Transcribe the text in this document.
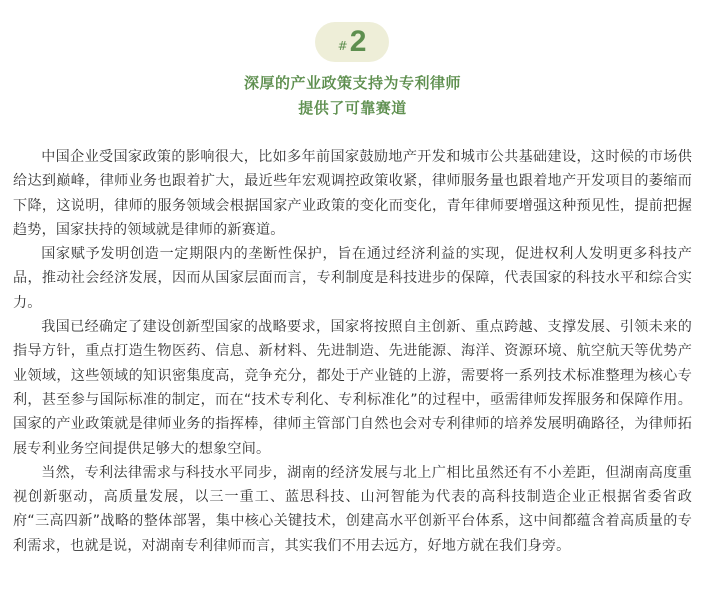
# 2
深厚的产业政策支持为专利律师
提供了可靠赛道

中国企业受国家政策的影响很大，比如多年前国家鼓励地产开发和城市公共基础建设，这时候的市场供给达到巅峰，律师业务也跟着扩大，最近些年宏观调控政策收紧，律师服务量也跟着地产开发项目的萎缩而下降，这说明，律师的服务领域会根据国家产业政策的变化而变化，青年律师要增强这种预见性，提前把握趋势，国家扶持的领域就是律师的新赛道。

国家赋予发明创造一定期限内的垄断性保护，旨在通过经济利益的实现，促进权利人发明更多科技产品，推动社会经济发展，因而从国家层面而言，专利制度是科技进步的保障，代表国家的科技水平和综合实力。

我国已经确定了建设创新型国家的战略要求，国家将按照自主创新、重点跨越、支撑发展、引领未来的指导方针，重点打造生物医药、信息、新材料、先进制造、先进能源、海洋、资源环境、航空航天等优势产业领域，这些领域的知识密集度高，竞争充分，都处于产业链的上游，需要将一系列技术标准整理为核心专利，甚至参与国际标准的制定，而在“技术专利化、专利标准化”的过程中，亟需律师发挥服务和保障作用。国家的产业政策就是律师业务的指挥棒，律师主管部门自然也会对专利律师的培养发展明确路径，为律师拓展专利业务空间提供足够大的想象空间。

当然，专利法律需求与科技水平同步，湖南的经济发展与北上广相比虽然还有不小差距，但湖南高度重视创新驱动，高质量发展，以三一重工、蓝思科技、山河智能为代表的高科技制造企业正根据省委省政府“三高四新”战略的整体部署，集中核心关键技术，创建高水平创新平台体系，这中间都蕴含着高质量的专利需求，也就是说，对湖南专利律师而言，其实我们不用去远方，好地方就在我们身旁。
